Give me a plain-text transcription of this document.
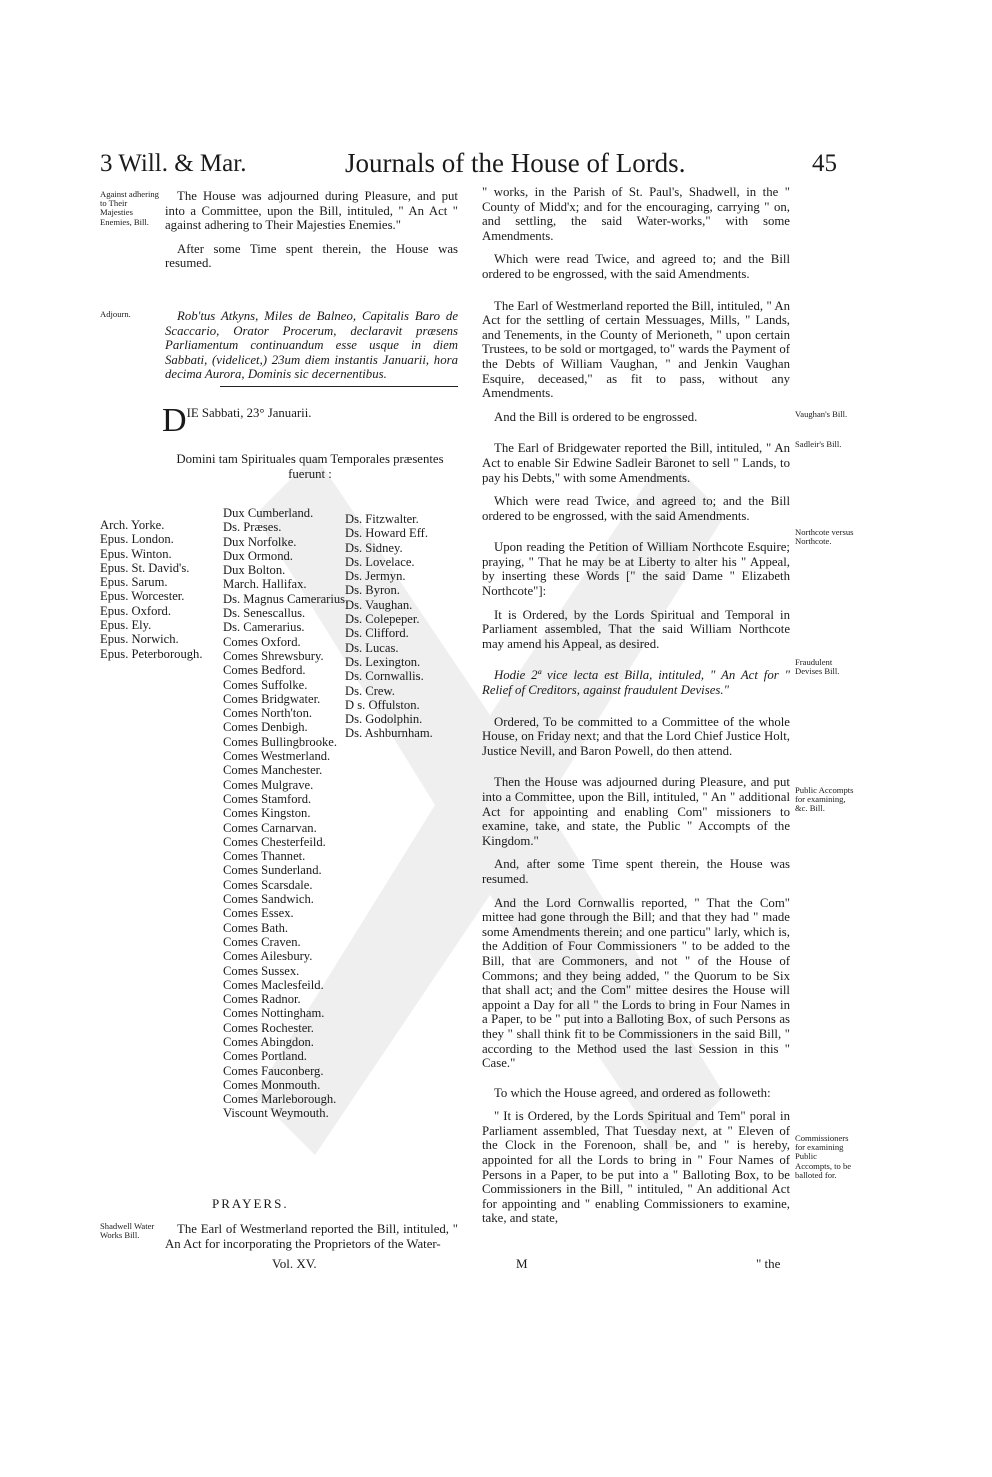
3 Will. & Mar.	Journals of the House of Lords.	45
Against adhering to Their Majesties Enemies, Bill.
Adjourn.
Shadwell Water Works Bill.

The House was adjourned during Pleasure, and put into a Committee, upon the Bill, intituled, " An Act " against adhering to Their Majesties Enemies."

After some Time spent therein, the House was resumed.

Rob'tus Atkyns, Miles de Balneo, Capitalis Baro de Scaccario, Orator Procerum, declaravit præsens Parliamentum continuandum esse usque in diem Sabbati, (videlicet,) 23um diem instantis Januarii, hora decima Aurora, Dominis sic decernentibus.

DIE Sabbati, 23° Januarii.

Domini tam Spirituales quam Temporales præsentes fuerunt :

Arch. Yorke.
Epus. London.
Epus. Winton.
Epus. St. David's.
Epus. Sarum.
Epus. Worcester.
Epus. Oxford.
Epus. Ely.
Epus. Norwich.
Epus. Peterborough.
Dux Cumberland.
Ds. Præses.
Dux Norfolke.
Dux Ormond.
Dux Bolton.
March. Hallifax.
Ds. Magnus Camerarius.
Ds. Senescallus.
Ds. Camerarius.
Comes Oxford.
Comes Shrewsbury.
Comes Bedford.
Comes Suffolke.
Comes Bridgwater.
Comes North'ton.
Comes Denbigh.
Comes Bullingbrooke.
Comes Westmerland.
Comes Manchester.
Comes Mulgrave.
Comes Stamford.
Comes Kingston.
Comes Carnarvan.
Comes Chesterfeild.
Comes Thannet.
Comes Sunderland.
Comes Scarsdale.
Comes Sandwich.
Comes Essex.
Comes Bath.
Comes Craven.
Comes Ailesbury.
Comes Sussex.
Comes Maclesfeild.
Comes Radnor.
Comes Nottingham.
Comes Rochester.
Comes Abingdon.
Comes Portland.
Comes Fauconberg.
Comes Monmouth.
Comes Marleborough.
Viscount Weymouth.
Ds. Fitzwalter.
Ds. Howard Eff.
Ds. Sidney.
Ds. Lovelace.
Ds. Jermyn.
Ds. Byron.
Ds. Vaughan.
Ds. Colepeper.
Ds. Clifford.
Ds. Lucas.
Ds. Lexington.
Ds. Cornwallis.
Ds. Crew.
D s. Offulston.
Ds. Godolphin.
Ds. Ashburnham.
PRAYERS.

The Earl of Westmerland reported the Bill, intituled, " An Act for incorporating the Proprietors of the Water-

Vol. XV.
Vaughan's Bill.
Sadleir's Bill.
Northcote versus Northcote.
Fraudulent Devises Bill.
Public Accompts for examining, &c. Bill.
Commissioners for examining Public Accompts, to be balloted for.

" works, in the Parish of St. Paul's, Shadwell, in the " County of Midd'x; and for the encouraging, carrying " on, and settling, the said Water-works," with some Amendments.

Which were read Twice, and agreed to; and the Bill ordered to be engrossed, with the said Amendments.

The Earl of Westmerland reported the Bill, intituled, " An Act for the settling of certain Messuages, Mills, " Lands, and Tenements, in the County of Merioneth, " upon certain Trustees, to be sold or mortgaged, to" wards the Payment of the Debts of William Vaughan, " and Jenkin Vaughan Esquire, deceased," as fit to pass, without any Amendments.

And the Bill is ordered to be engrossed.

The Earl of Bridgewater reported the Bill, intituled, " An Act to enable Sir Edwine Sadleir Baronet to sell " Lands, to pay his Debts," with some Amendments.

Which were read Twice, and agreed to; and the Bill ordered to be engrossed, with the said Amendments.

Upon reading the Petition of William Northcote Esquire; praying, " That he may be at Liberty to alter his " Appeal, by inserting these Words [" the said Dame " Elizabeth Northcote"]:

It is Ordered, by the Lords Spiritual and Temporal in Parliament assembled, That the said William Northcote may amend his Appeal, as desired.

Hodie 2ª vice lecta est Billa, intituled, " An Act for " Relief of Creditors, against fraudulent Devises."

Ordered, To be committed to a Committee of the whole House, on Friday next; and that the Lord Chief Justice Holt, Justice Nevill, and Baron Powell, do then attend.

Then the House was adjourned during Pleasure, and put into a Committee, upon the Bill, intituled, " An " additional Act for appointing and enabling Com" missioners to examine, take, and state, the Public " Accompts of the Kingdom."

And, after some Time spent therein, the House was resumed.

And the Lord Cornwallis reported, " That the Com" mittee had gone through the Bill; and that they had " made some Amendments therein; and one particu" larly, which is, the Addition of Four Commissioners " to be added to the Bill, that are Commoners, and not " of the House of Commons; and they being added, " the Quorum to be Six that shall act; and the Com" mittee desires the House will appoint a Day for all " the Lords to bring in Four Names in a Paper, to be " put into a Balloting Box, of such Persons as they " shall think fit to be Commissioners in the said Bill, " according to the Method used the last Session in this " Case."

To which the House agreed, and ordered as followeth:

" It is Ordered, by the Lords Spiritual and Tem" poral in Parliament assembled, That Tuesday next, at " Eleven of the Clock in the Forenoon, shall be, and " is hereby, appointed for all the Lords to bring in " Four Names of Persons in a Paper, to be put into a " Balloting Box, to be Commissioners in the Bill, " intituled, " An additional Act for appointing and " enabling Commissioners to examine, take, and state,

M	" the
